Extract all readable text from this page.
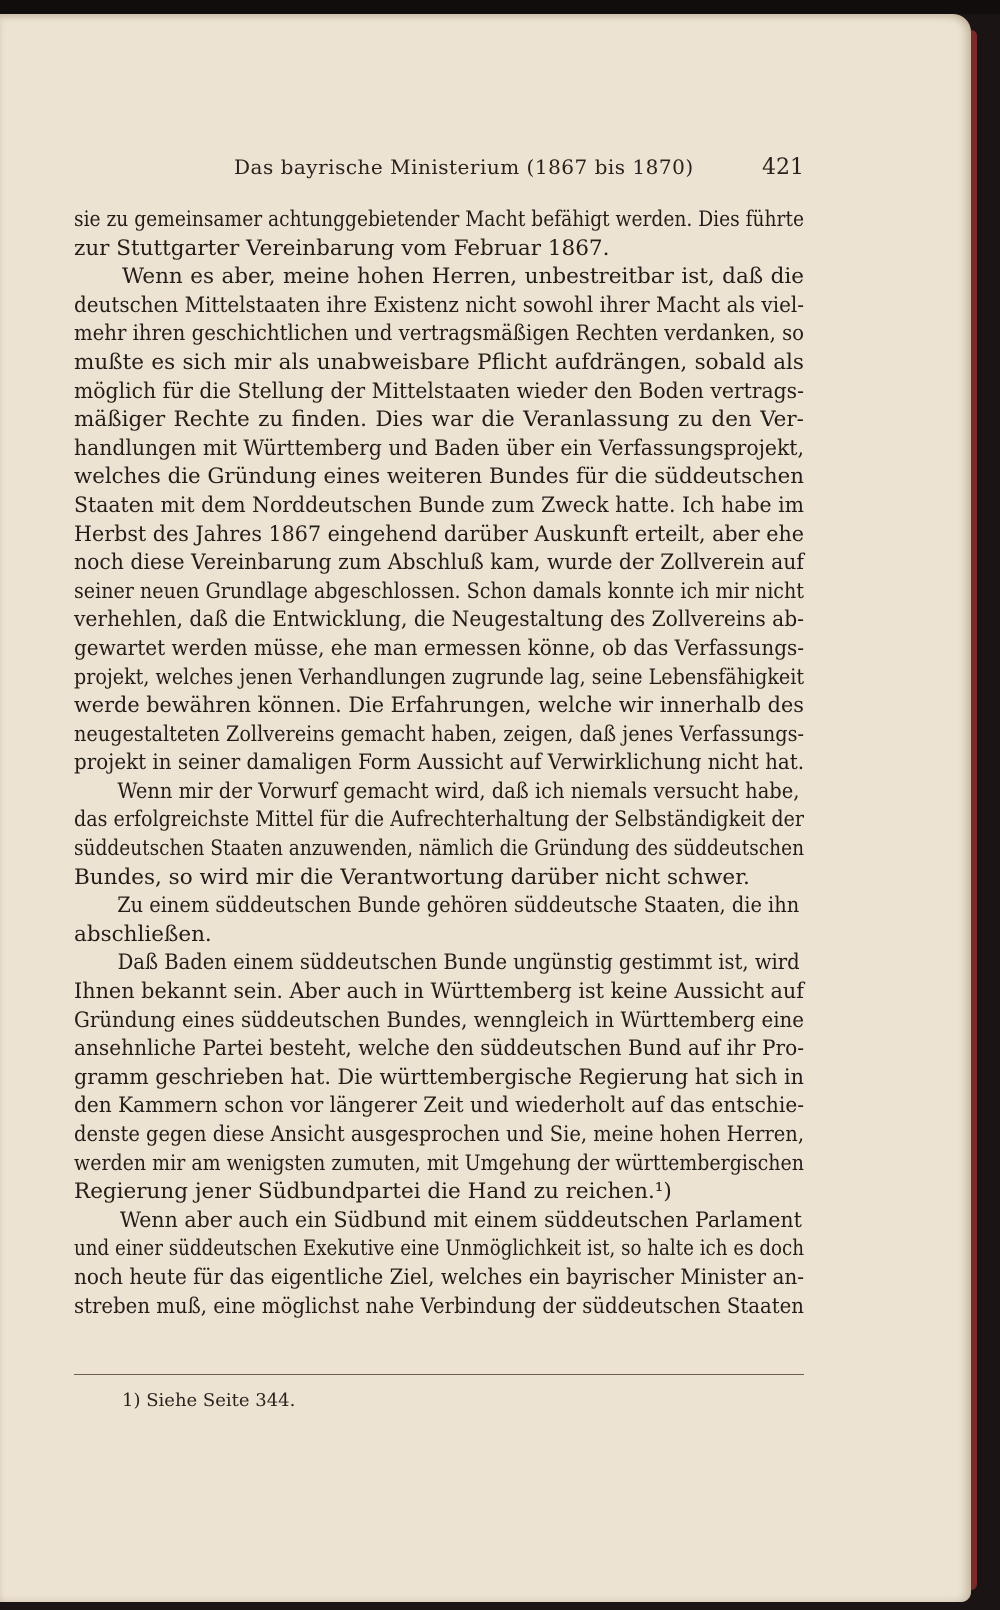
Das bayrische Ministerium (1867 bis 1870)	421
sie zu gemeinsamer achtunggebietender Macht befähigt werden. Dies führte
zur Stuttgarter Vereinbarung vom Februar 1867.
Wenn es aber, meine hohen Herren, unbestreitbar ist, daß die
deutschen Mittelstaaten ihre Existenz nicht sowohl ihrer Macht als viel-
mehr ihren geschichtlichen und vertragsmäßigen Rechten verdanken, so
mußte es sich mir als unabweisbare Pflicht aufdrängen, sobald als
möglich für die Stellung der Mittelstaaten wieder den Boden vertrags-
mäßiger Rechte zu finden. Dies war die Veranlassung zu den Ver-
handlungen mit Württemberg und Baden über ein Verfassungsprojekt,
welches die Gründung eines weiteren Bundes für die süddeutschen
Staaten mit dem Norddeutschen Bunde zum Zweck hatte. Ich habe im
Herbst des Jahres 1867 eingehend darüber Auskunft erteilt, aber ehe
noch diese Vereinbarung zum Abschluß kam, wurde der Zollverein auf
seiner neuen Grundlage abgeschlossen. Schon damals konnte ich mir nicht
verhehlen, daß die Entwicklung, die Neugestaltung des Zollvereins ab-
gewartet werden müsse, ehe man ermessen könne, ob das Verfassungs-
projekt, welches jenen Verhandlungen zugrunde lag, seine Lebensfähigkeit
werde bewähren können. Die Erfahrungen, welche wir innerhalb des
neugestalteten Zollvereins gemacht haben, zeigen, daß jenes Verfassungs-
projekt in seiner damaligen Form Aussicht auf Verwirklichung nicht hat.
Wenn mir der Vorwurf gemacht wird, daß ich niemals versucht habe,
das erfolgreichste Mittel für die Aufrechterhaltung der Selbständigkeit der
süddeutschen Staaten anzuwenden, nämlich die Gründung des süddeutschen
Bundes, so wird mir die Verantwortung darüber nicht schwer.
Zu einem süddeutschen Bunde gehören süddeutsche Staaten, die ihn
abschließen.
Daß Baden einem süddeutschen Bunde ungünstig gestimmt ist, wird
Ihnen bekannt sein. Aber auch in Württemberg ist keine Aussicht auf
Gründung eines süddeutschen Bundes, wenngleich in Württemberg eine
ansehnliche Partei besteht, welche den süddeutschen Bund auf ihr Pro-
gramm geschrieben hat. Die württembergische Regierung hat sich in
den Kammern schon vor längerer Zeit und wiederholt auf das entschie-
denste gegen diese Ansicht ausgesprochen und Sie, meine hohen Herren,
werden mir am wenigsten zumuten, mit Umgehung der württembergischen
Regierung jener Südbundpartei die Hand zu reichen.¹)
Wenn aber auch ein Südbund mit einem süddeutschen Parlament
und einer süddeutschen Exekutive eine Unmöglichkeit ist, so halte ich es doch
noch heute für das eigentliche Ziel, welches ein bayrischer Minister an-
streben muß, eine möglichst nahe Verbindung der süddeutschen Staaten
1) Siehe Seite 344.
